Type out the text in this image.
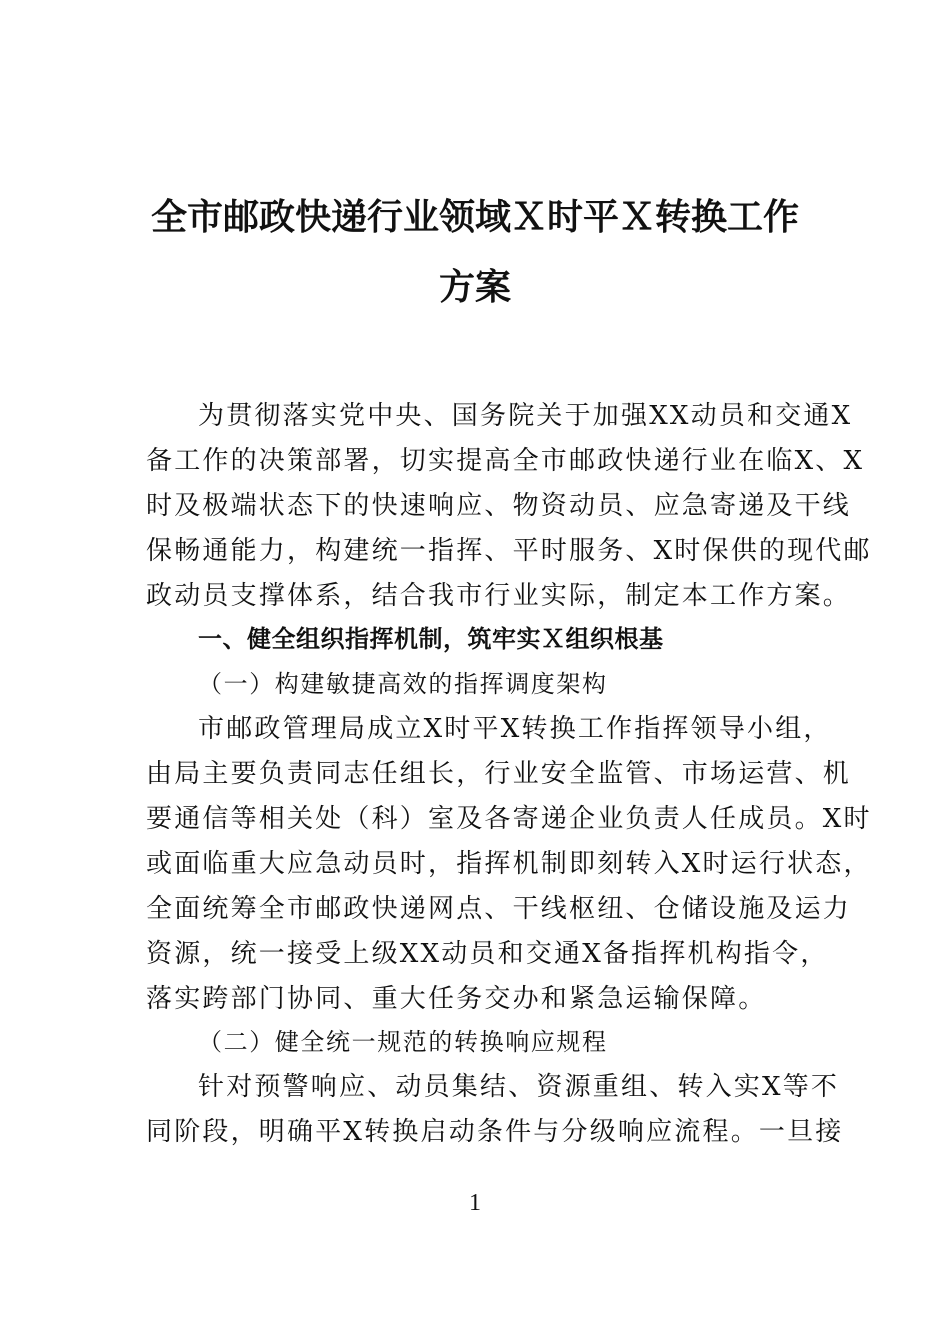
全市邮政快递行业领域Ｘ时平Ｘ转换工作
方案

为贯彻落实党中央、国务院关于加强XX动员和交通X

备工作的决策部署，切实提高全市邮政快递行业在临X、X

时及极端状态下的快速响应、物资动员、应急寄递及干线

保畅通能力，构建统一指挥、平时服务、X时保供的现代邮

政动员支撑体系，结合我市行业实际，制定本工作方案。

一、健全组织指挥机制，筑牢实Ｘ组织根基

（一）构建敏捷高效的指挥调度架构

市邮政管理局成立X时平X转换工作指挥领导小组，

由局主要负责同志任组长，行业安全监管、市场运营、机

要通信等相关处（科）室及各寄递企业负责人任成员。X时

或面临重大应急动员时，指挥机制即刻转入X时运行状态，

全面统筹全市邮政快递网点、干线枢纽、仓储设施及运力

资源，统一接受上级XX动员和交通X备指挥机构指令，

落实跨部门协同、重大任务交办和紧急运输保障。

（二）健全统一规范的转换响应规程

针对预警响应、动员集结、资源重组、转入实X等不

同阶段，明确平X转换启动条件与分级响应流程。一旦接

1
